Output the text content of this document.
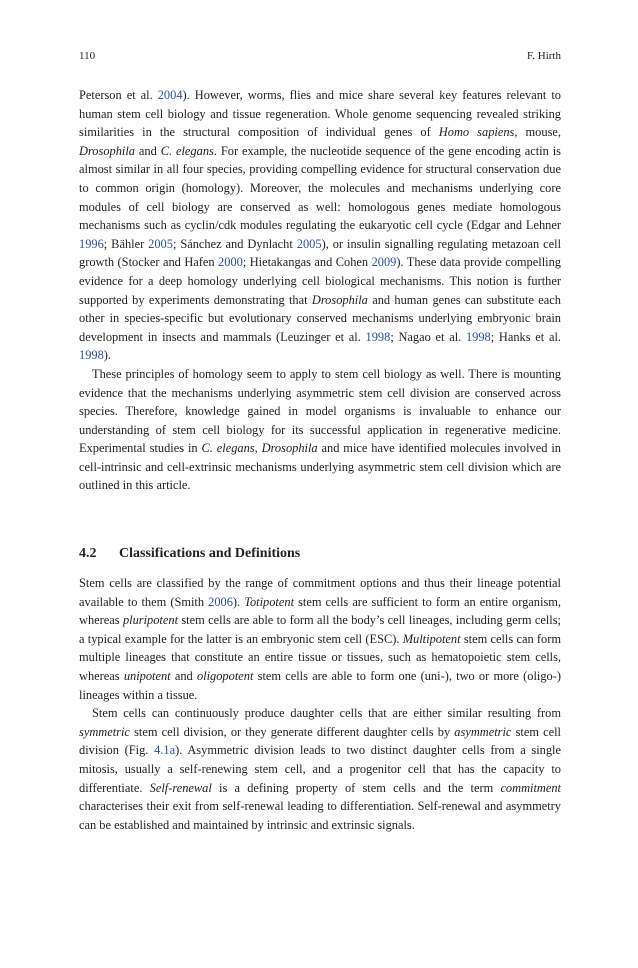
110	F. Hirth

Peterson et al. 2004). However, worms, flies and mice share several key features relevant to human stem cell biology and tissue regeneration. Whole genome sequencing revealed striking similarities in the structural composition of individual genes of Homo sapiens, mouse, Drosophila and C. elegans. For example, the nucleotide sequence of the gene encoding actin is almost similar in all four species, providing compelling evidence for structural conservation due to common origin (homology). Moreover, the molecules and mechanisms underlying core modules of cell biology are conserved as well: homologous genes mediate homologous mechanisms such as cyclin/cdk modules regulating the eukaryotic cell cycle (Edgar and Lehner 1996; Bähler 2005; Sánchez and Dynlacht 2005), or insulin signalling regulating metazoan cell growth (Stocker and Hafen 2000; Hietakangas and Cohen 2009). These data provide compelling evidence for a deep homology underlying cell biological mechanisms. This notion is further supported by experiments demonstrating that Drosophila and human genes can substitute each other in species-specific but evolutionary conserved mechanisms underlying embryonic brain development in insects and mammals (Leuzinger et al. 1998; Nagao et al. 1998; Hanks et al. 1998).

These principles of homology seem to apply to stem cell biology as well. There is mounting evidence that the mechanisms underlying asymmetric stem cell division are conserved across species. Therefore, knowledge gained in model organisms is invaluable to enhance our understanding of stem cell biology for its successful application in regenerative medicine. Experimental studies in C. elegans, Drosophila and mice have identified molecules involved in cell-intrinsic and cell-extrinsic mechanisms underlying asymmetric stem cell division which are outlined in this article.

4.2 Classifications and Definitions

Stem cells are classified by the range of commitment options and thus their lineage potential available to them (Smith 2006). Totipotent stem cells are sufficient to form an entire organism, whereas pluripotent stem cells are able to form all the body’s cell lineages, including germ cells; a typical example for the latter is an embryonic stem cell (ESC). Multipotent stem cells can form multiple lineages that constitute an entire tissue or tissues, such as hematopoietic stem cells, whereas unipotent and oligopotent stem cells are able to form one (uni-), two or more (oligo-) lineages within a tissue.

Stem cells can continuously produce daughter cells that are either similar resulting from symmetric stem cell division, or they generate different daughter cells by asymmetric stem cell division (Fig. 4.1a). Asymmetric division leads to two distinct daughter cells from a single mitosis, usually a self-renewing stem cell, and a progenitor cell that has the capacity to differentiate. Self-renewal is a defining property of stem cells and the term commitment characterises their exit from self-renewal leading to differentiation. Self-renewal and asymmetry can be established and maintained by intrinsic and extrinsic signals.
